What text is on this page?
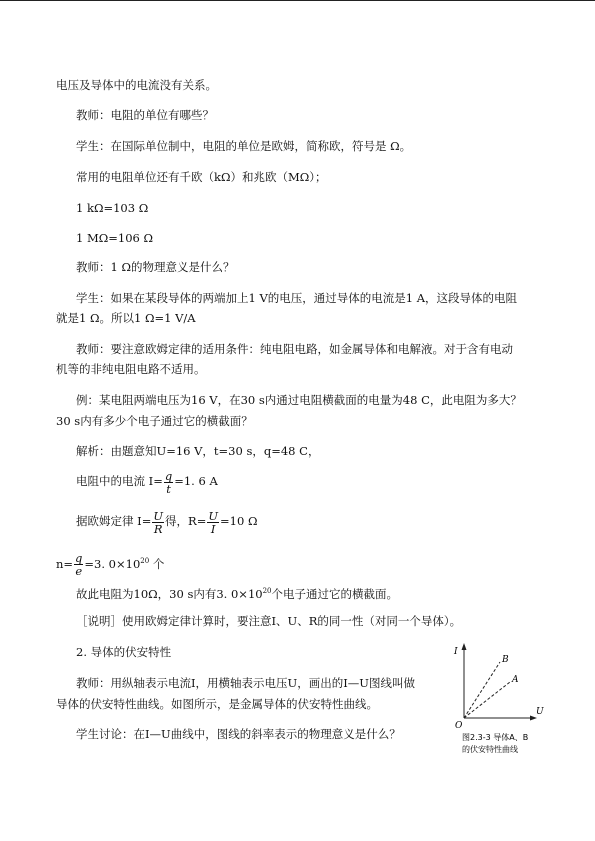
电压及导体中的电流没有关系。
教师：电阻的单位有哪些？
学生：在国际单位制中，电阻的单位是欧姆，简称欧，符号是 Ω。
常用的电阻单位还有千欧（kΩ）和兆欧（MΩ）；
1 kΩ=103 Ω
1 MΩ=106 Ω
教师：1 Ω的物理意义是什么？
学生：如果在某段导体的两端加上1 V的电压，通过导体的电流是1 A，这段导体的电阻
就是1 Ω。所以1 Ω=1 V/A
教师：要注意欧姆定律的适用条件：纯电阻电路，如金属导体和电解液。对于含有电动
机等的非纯电阻电路不适用。
例：某电阻两端电压为16 V，在30 s内通过电阻横截面的电量为48 C，此电阻为多大？
30 s内有多少个电子通过它的横截面？
解析：由题意知U=16 V，t=30 s，q=48 C，
电阻中的电流 $I= \frac{q}{t} =1$. 6 A
据欧姆定律 $I= \frac{U}{R}$ 得，$R= \frac{U}{I} =10$ Ω
$n= \frac{q}{e} =3$. $0\times 10^{20}$ 个
故此电阻为10Ω，30 s内有3. $0\times 10^{20}$个电子通过它的横截面。
［说明］使用欧姆定律计算时，要注意I、U、R的同一性（对同一个导体）。
2. 导体的伏安特性
教师：用纵轴表示电流I，用横轴表示电压U，画出的I—U图线叫做
导体的伏安特性曲线。如图所示，是金属导体的伏安特性曲线。
学生讨论：在I—U曲线中，图线的斜率表示的物理意义是什么？
I
U
O
B
A
图2.3-3 导体A、B
的伏安特性曲线
